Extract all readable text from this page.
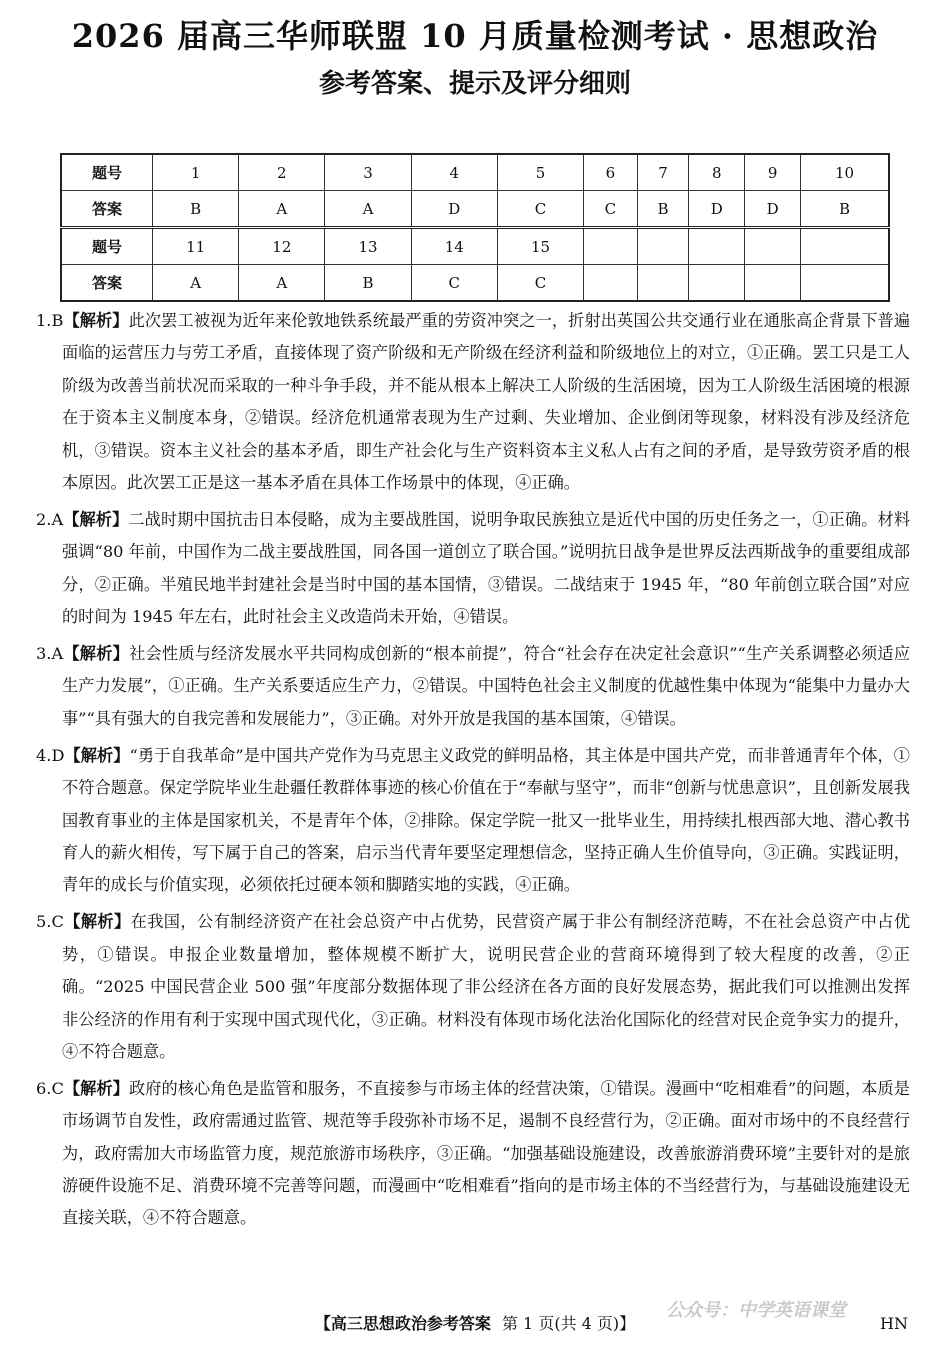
2026 届高三华师联盟 10 月质量检测考试 · 思想政治
参考答案、提示及评分细则
题号	1	2	3	4	5	6	7	8	9	10
答案	B	A	A	D	C	C	B	D	D	B
题号	11	12	13	14	15					
答案	A	A	B	C	C					

1.B【解析】此次罢工被视为近年来伦敦地铁系统最严重的劳资冲突之一，折射出英国公共交通行业在通胀高企背景下普遍面临的运营压力与劳工矛盾，直接体现了资产阶级和无产阶级在经济利益和阶级地位上的对立，①正确。罢工只是工人阶级为改善当前状况而采取的一种斗争手段，并不能从根本上解决工人阶级的生活困境，因为工人阶级生活困境的根源在于资本主义制度本身，②错误。经济危机通常表现为生产过剩、失业增加、企业倒闭等现象，材料没有涉及经济危机，③错误。资本主义社会的基本矛盾，即生产社会化与生产资料资本主义私人占有之间的矛盾，是导致劳资矛盾的根本原因。此次罢工正是这一基本矛盾在具体工作场景中的体现，④正确。

2.A【解析】二战时期中国抗击日本侵略，成为主要战胜国，说明争取民族独立是近代中国的历史任务之一，①正确。材料强调“80 年前，中国作为二战主要战胜国，同各国一道创立了联合国。”说明抗日战争是世界反法西斯战争的重要组成部分，②正确。半殖民地半封建社会是当时中国的基本国情，③错误。二战结束于 1945 年，“80 年前创立联合国”对应的时间为 1945 年左右，此时社会主义改造尚未开始，④错误。

3.A【解析】社会性质与经济发展水平共同构成创新的“根本前提”，符合“社会存在决定社会意识”“生产关系调整必须适应生产力发展”，①正确。生产关系要适应生产力，②错误。中国特色社会主义制度的优越性集中体现为“能集中力量办大事”“具有强大的自我完善和发展能力”，③正确。对外开放是我国的基本国策，④错误。

4.D【解析】“勇于自我革命”是中国共产党作为马克思主义政党的鲜明品格，其主体是中国共产党，而非普通青年个体，①不符合题意。保定学院毕业生赴疆任教群体事迹的核心价值在于“奉献与坚守”，而非“创新与忧患意识”，且创新发展我国教育事业的主体是国家机关，不是青年个体，②排除。保定学院一批又一批毕业生，用持续扎根西部大地、潜心教书育人的薪火相传，写下属于自己的答案，启示当代青年要坚定理想信念，坚持正确人生价值导向，③正确。实践证明，青年的成长与价值实现，必须依托过硬本领和脚踏实地的实践，④正确。

5.C【解析】在我国，公有制经济资产在社会总资产中占优势，民营资产属于非公有制经济范畴，不在社会总资产中占优势，①错误。申报企业数量增加，整体规模不断扩大，说明民营企业的营商环境得到了较大程度的改善，②正确。“2025 中国民营企业 500 强”年度部分数据体现了非公经济在各方面的良好发展态势，据此我们可以推测出发挥非公经济的作用有利于实现中国式现代化，③正确。材料没有体现市场化法治化国际化的经营对民企竞争实力的提升，④不符合题意。

6.C【解析】政府的核心角色是监管和服务，不直接参与市场主体的经营决策，①错误。漫画中“吃相难看”的问题，本质是市场调节自发性，政府需通过监管、规范等手段弥补市场不足，遏制不良经营行为，②正确。面对市场中的不良经营行为，政府需加大市场监管力度，规范旅游市场秩序，③正确。“加强基础设施建设，改善旅游消费环境”主要针对的是旅游硬件设施不足、消费环境不完善等问题，而漫画中“吃相难看”指向的是市场主体的不当经营行为，与基础设施建设无直接关联，④不符合题意。

公众号：中学英语课堂
【高三思想政治参考答案 第 1 页(共 4 页)】	HN
